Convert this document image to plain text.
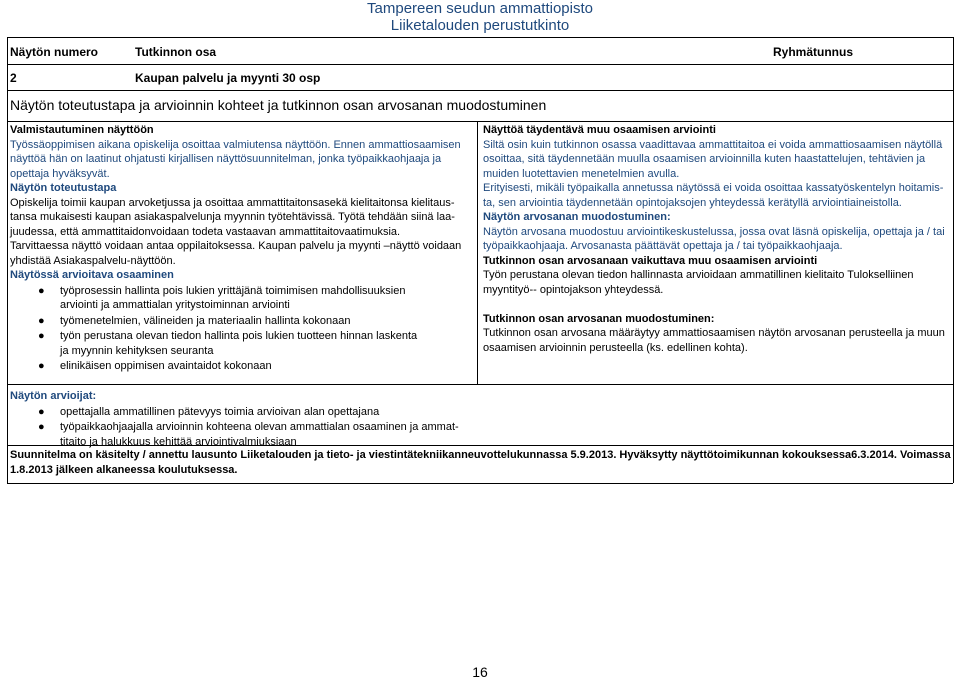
Tampereen seudun ammattiopisto
Liiketalouden perustutkinto
Näytön numero	Tutkinnon osa	Ryhmätunnus
2	Kaupan palvelu ja myynti 30 osp
Näytön toteutustapa ja arvioinnin kohteet ja tutkinnon osan arvosanan muodostuminen

Valmistautuminen näyttöön

Työssäoppimisen aikana opiskelija osoittaa valmiutensa näyttöön. Ennen ammattiosaamisen

näyttöä hän on laatinut ohjatusti kirjallisen näyttösuunnitelman, jonka työpaikkaohjaaja ja

opettaja hyväksyvät.

Näytön toteutustapa

Opiskelija toimii kaupan arvoketjussa ja osoittaa ammattitaitonsasekä kielitaitonsa kielitaus-

tansa mukaisesti kaupan asiakaspalvelunja myynnin työtehtävissä. Työtä tehdään siinä laa-

juudessa, että ammattitaidonvoidaan todeta vastaavan ammattitaitovaatimuksia.

Tarvittaessa näyttö voidaan antaa oppilaitoksessa. Kaupan palvelu ja myynti –näyttö voidaan

yhdistää Asiakaspalvelu-näyttöön.

Näytössä arvioitava osaaminen

● työprosessin hallinta pois lukien yrittäjänä toimimisen mahdollisuuksien

arviointi ja ammattialan yritystoiminnan arviointi

● työmenetelmien, välineiden ja materiaalin hallinta kokonaan

● työn perustana olevan tiedon hallinta pois lukien tuotteen hinnan laskenta

ja myynnin kehityksen seuranta

● elinikäisen oppimisen avaintaidot kokonaan

Näyttöä täydentävä muu osaamisen arviointi

Siltä osin kuin tutkinnon osassa vaadittavaa ammattitaitoa ei voida ammattiosaamisen näytöllä

osoittaa, sitä täydennetään muulla osaamisen arvioinnilla kuten haastattelujen, tehtävien ja

muiden luotettavien menetelmien avulla.

Erityisesti, mikäli työpaikalla annetussa näytössä ei voida osoittaa kassatyöskentelyn hoitamis-

ta, sen arviointia täydennetään opintojaksojen yhteydessä kerätyllä arviointiaineistolla.

Näytön arvosanan muodostuminen:

Näytön arvosana muodostuu arviointikeskustelussa, jossa ovat läsnä opiskelija, opettaja ja / tai

työpaikkaohjaaja. Arvosanasta päättävät opettaja ja / tai työpaikkaohjaaja.

Tutkinnon osan arvosanaan vaikuttava muu osaamisen arviointi

Työn perustana olevan tiedon hallinnasta arvioidaan ammatillinen kielitaito Tulokselliinen

myyntityö-- opintojakson yhteydessä.

Tutkinnon osan arvosanan muodostuminen:

Tutkinnon osan arvosana määräytyy ammattiosaamisen näytön arvosanan perusteella ja muun

osaamisen arvioinnin perusteella (ks. edellinen kohta).

Näytön arvioijat:

● opettajalla ammatillinen pätevyys toimia arvioivan alan opettajana

● työpaikkaohjaajalla arvioinnin kohteena olevan ammattialan osaaminen ja ammat-

titaito ja halukkuus kehittää arviointivalmiuksiaan

Suunnitelma on käsitelty / annettu lausunto Liiketalouden ja tieto- ja viestintätekniikanneuvottelukunnassa 5.9.2013. Hyväksytty näyttötoimikunnan kokouksessa6.3.2014. Voimassa

1.8.2013 jälkeen alkaneessa koulutuksessa.

16
